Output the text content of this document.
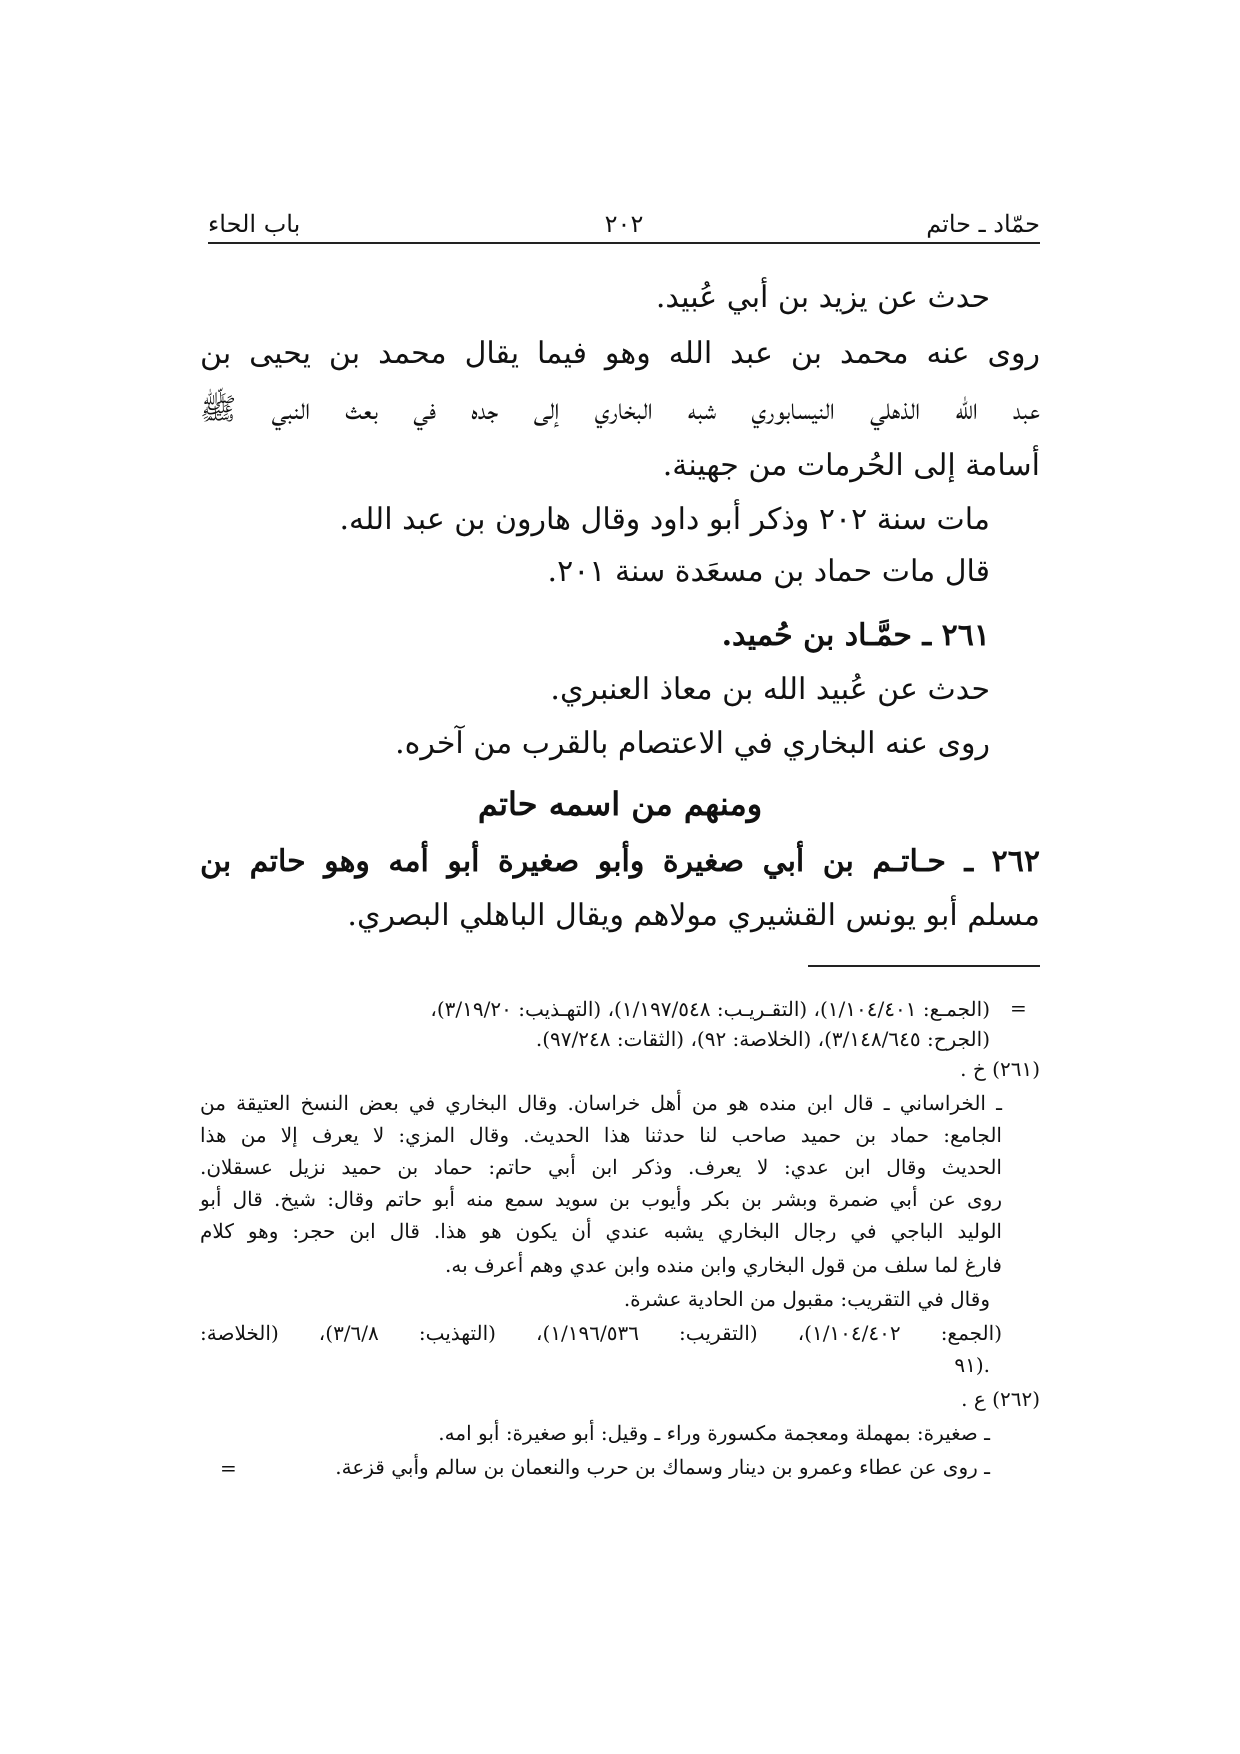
حمّاد ـ حاتم
٢٠٢
باب الحاء
حدث عن يزيد بن أبي عُبيد.
روى عنه محمد بن عبد الله وهو فيما يقال محمد بن يحيى بن
عبد الله الذهلي النيسابوري شبه البخاري إلى جده في بعث النبي ﷺ
أسامة إلى الحُرمات من جهينة.
مات سنة ٢٠٢ وذكر أبو داود وقال هارون بن عبد الله.
قال مات حماد بن مسعَدة سنة ٢٠١.
٢٦١ ـ حمَّـاد بن حُميد.
حدث عن عُبيد الله بن معاذ العنبري.
روى عنه البخاري في الاعتصام بالقرب من آخره.
ومنهم من اسمه حاتم
٢٦٢ ـ حـاتـم بن أبي صغيرة وأبو صغيرة أبو أمه وهو حاتم بن
مسلم أبو يونس القشيري مولاهم ويقال الباهلي البصري.
=
(الجمـع: ١/١٠٤/٤٠١)، (التقـريـب: ١/١٩٧/٥٤٨)، (التهـذيب: ٣/١٩/٢٠)،
(الجرح: ٣/١٤٨/٦٤٥)، (الخلاصة: ٩٢)، (الثقات: ٩٧/٢٤٨).
(٢٦١) خ .
ـ الخراساني ـ قال ابن منده هو من أهل خراسان. وقال البخاري في بعض النسخ العتيقة من
الجامع: حماد بن حميد صاحب لنا حدثنا هذا الحديث. وقال المزي: لا يعرف إلا من هذا
الحديث وقال ابن عدي: لا يعرف. وذكر ابن أبي حاتم: حماد بن حميد نزيل عسقلان.
روى عن أبي ضمرة وبشر بن بكر وأيوب بن سويد سمع منه أبو حاتم وقال: شيخ. قال أبو
الوليد الباجي في رجال البخاري يشبه عندي أن يكون هو هذا. قال ابن حجر: وهو كلام
فارغ لما سلف من قول البخاري وابن منده وابن عدي وهم أعرف به.
وقال في التقريب: مقبول من الحادية عشرة.
(الجمع: ١/١٠٤/٤٠٢)، (التقريب: ١/١٩٦/٥٣٦)، (التهذيب: ٣/٦/٨)، (الخلاصة:
٩١).
(٢٦٢) ع .
ـ صغيرة: بمهملة ومعجمة مكسورة وراء ـ وقيل: أبو صغيرة: أبو امه.
ـ روى عن عطاء وعمرو بن دينار وسماك بن حرب والنعمان بن سالم وأبي قزعة.
=
